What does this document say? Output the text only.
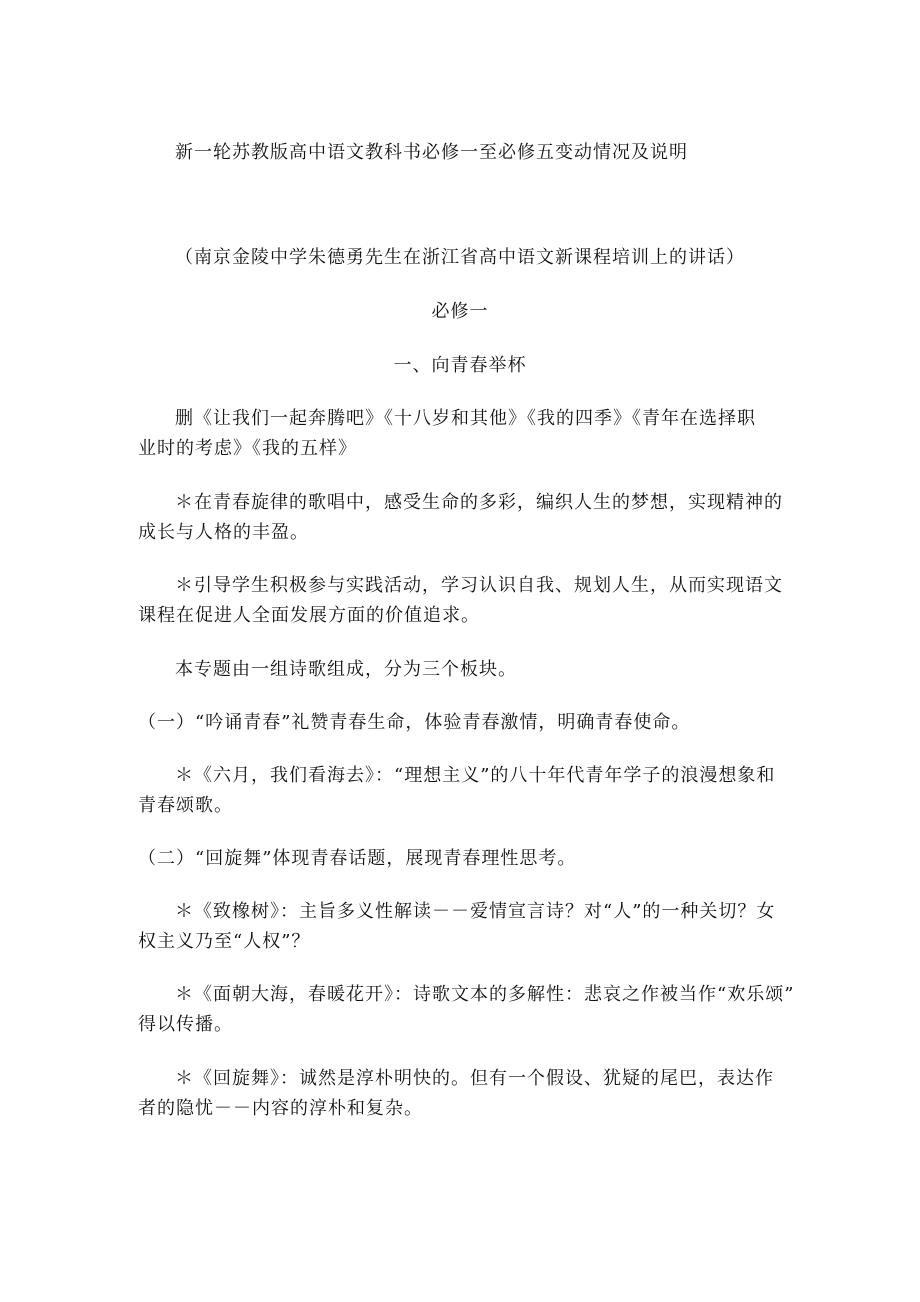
新一轮苏教版高中语文教科书必修一至必修五变动情况及说明
（南京金陵中学朱德勇先生在浙江省高中语文新课程培训上的讲话）
必修一
一、向青春举杯
删《让我们一起奔腾吧》《十八岁和其他》《我的四季》《青年在选择职
业时的考虑》《我的五样》
＊在青春旋律的歌唱中，感受生命的多彩，编织人生的梦想，实现精神的
成长与人格的丰盈。
＊引导学生积极参与实践活动，学习认识自我、规划人生，从而实现语文
课程在促进人全面发展方面的价值追求。
本专题由一组诗歌组成，分为三个板块。
（一）“吟诵青春”礼赞青春生命，体验青春激情，明确青春使命。
＊《六月，我们看海去》：“理想主义”的八十年代青年学子的浪漫想象和
青春颂歌。
（二）“回旋舞”体现青春话题，展现青春理性思考。
＊《致橡树》：主旨多义性解读－－爱情宣言诗？对“人”的一种关切？女
权主义乃至“人权”？
＊《面朝大海，春暖花开》：诗歌文本的多解性：悲哀之作被当作“欢乐颂”
得以传播。
＊《回旋舞》：诚然是淳朴明快的。但有一个假设、犹疑的尾巴，表达作
者的隐忧－－内容的淳朴和复杂。
